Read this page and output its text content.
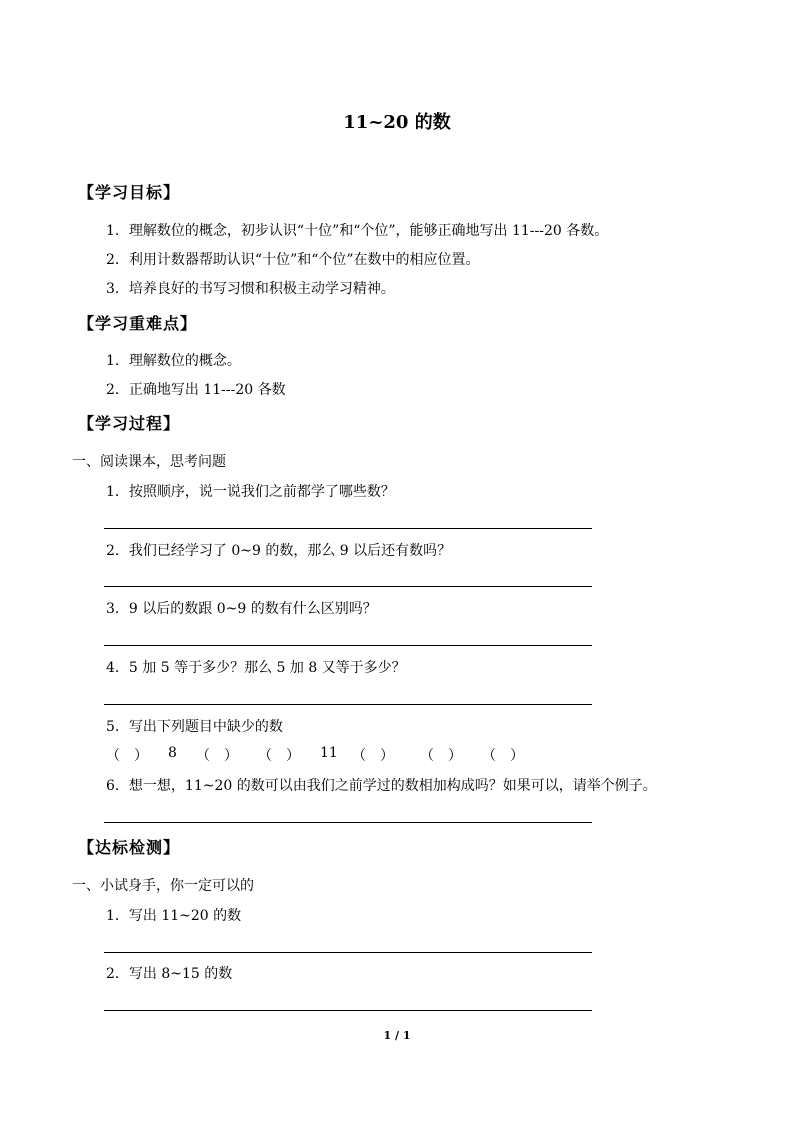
11~20 的数
【学习目标】
1．理解数位的概念，初步认识“十位”和“个位”，能够正确地写出 11---20 各数。
2．利用计数器帮助认识“十位”和“个位”在数中的相应位置。
3．培养良好的书写习惯和积极主动学习精神。
【学习重难点】
1．理解数位的概念。
2．正确地写出 11---20 各数
【学习过程】
一、阅读课本，思考问题
1．按照顺序，说一说我们之前都学了哪些数？
2．我们已经学习了 0~9 的数，那么 9 以后还有数吗？
3．9 以后的数跟 0~9 的数有什么区别吗？
4．5 加 5 等于多少？那么 5 加 8 又等于多少？
5．写出下列题目中缺少的数
（　） 8 （　） （　） 11 （　） （　） （　）
6．想一想，11~20 的数可以由我们之前学过的数相加构成吗？如果可以，请举个例子。
【达标检测】
一、小试身手，你一定可以的
1．写出 11~20 的数
2．写出 8~15 的数
1 / 1
